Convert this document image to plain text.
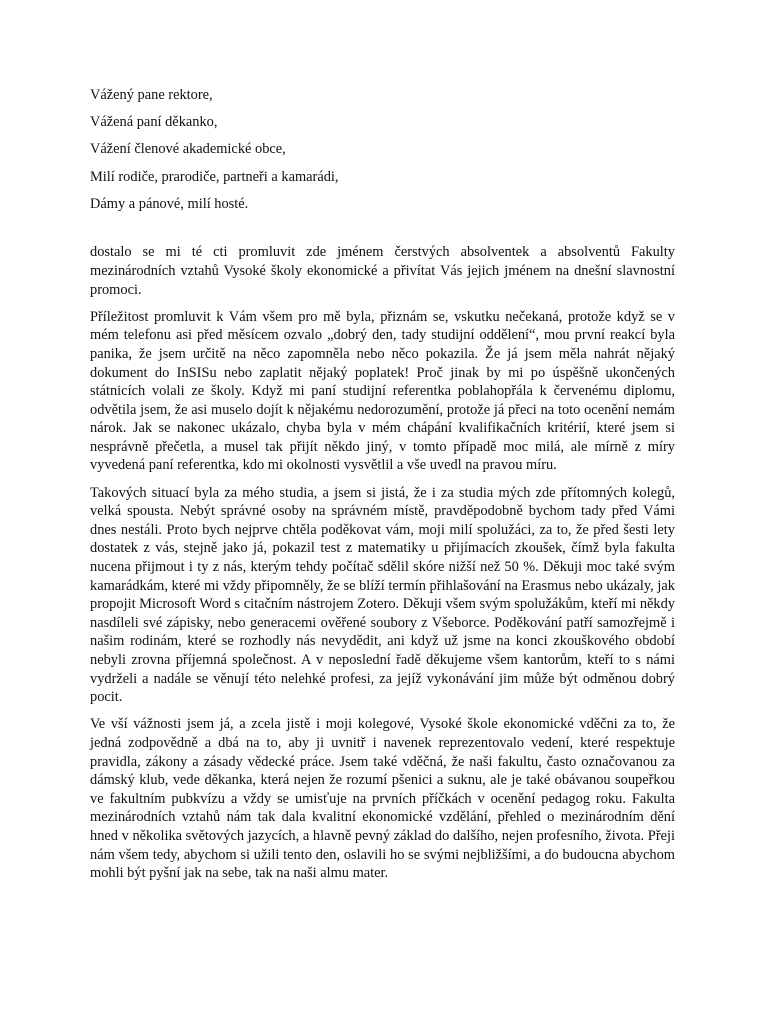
Vážený pane rektore,
Vážená paní děkanko,
Vážení členové akademické obce,
Milí rodiče, prarodiče, partneři a kamarádi,
Dámy a pánové, milí hosté.

dostalo se mi té cti promluvit zde jménem čerstvých absolventek a absolventů Fakulty mezinárodních vztahů Vysoké školy ekonomické a přivítat Vás jejich jménem na dnešní slavnostní promoci.

Příležitost promluvit k Vám všem pro mě byla, přiznám se, vskutku nečekaná, protože když se v mém telefonu asi před měsícem ozvalo „dobrý den, tady studijní oddělení“, mou první reakcí byla panika, že jsem určitě na něco zapomněla nebo něco pokazila. Že já jsem měla nahrát nějaký dokument do InSISu nebo zaplatit nějaký poplatek! Proč jinak by mi po úspěšně ukončených státnicích volali ze školy. Když mi paní studijní referentka poblahopřála k červenému diplomu, odvětila jsem, že asi muselo dojít k nějakému nedorozumění, protože já přeci na toto ocenění nemám nárok. Jak se nakonec ukázalo, chyba byla v mém chápání kvalifikačních kritérií, které jsem si nesprávně přečetla, a musel tak přijít někdo jiný, v tomto případě moc milá, ale mírně z míry vyvedená paní referentka, kdo mi okolnosti vysvětlil a vše uvedl na pravou míru.

Takových situací byla za mého studia, a jsem si jistá, že i za studia mých zde přítomných kolegů, velká spousta. Nebýt správné osoby na správném místě, pravděpodobně bychom tady před Vámi dnes nestáli. Proto bych nejprve chtěla poděkovat vám, moji milí spolužáci, za to, že před šesti lety dostatek z vás, stejně jako já, pokazil test z matematiky u přijímacích zkoušek, čímž byla fakulta nucena přijmout i ty z nás, kterým tehdy počítač sdělil skóre nižší než 50 %. Děkuji moc také svým kamarádkám, které mi vždy připomněly, že se blíží termín přihlašování na Erasmus nebo ukázaly, jak propojit Microsoft Word s citačním nástrojem Zotero. Děkuji všem svým spolužákům, kteří mi někdy nasdíleli své zápisky, nebo generacemi ověřené soubory z Všeborce. Poděkování patří samozřejmě i našim rodinám, které se rozhodly nás nevydědit, ani když už jsme na konci zkouškového období nebyli zrovna příjemná společnost. A v neposlední řadě děkujeme všem kantorům, kteří to s námi vydrželi a nadále se věnují této nelehké profesi, za jejíž vykonávání jim může být odměnou dobrý pocit.

Ve vší vážnosti jsem já, a zcela jistě i moji kolegové, Vysoké škole ekonomické vděčni za to, že jedná zodpovědně a dbá na to, aby ji uvnitř i navenek reprezentovalo vedení, které respektuje pravidla, zákony a zásady vědecké práce. Jsem také vděčná, že naši fakultu, často označovanou za dámský klub, vede děkanka, která nejen že rozumí pšenici a suknu, ale je také obávanou soupeřkou ve fakultním pubkvízu a vždy se umisťuje na prvních příčkách v ocenění pedagog roku. Fakulta mezinárodních vztahů nám tak dala kvalitní ekonomické vzdělání, přehled o mezinárodním dění hned v několika světových jazycích, a hlavně pevný základ do dalšího, nejen profesního, života. Přeji nám všem tedy, abychom si užili tento den, oslavili ho se svými nejbližšími, a do budoucna abychom mohli být pyšní jak na sebe, tak na naši almu mater.
